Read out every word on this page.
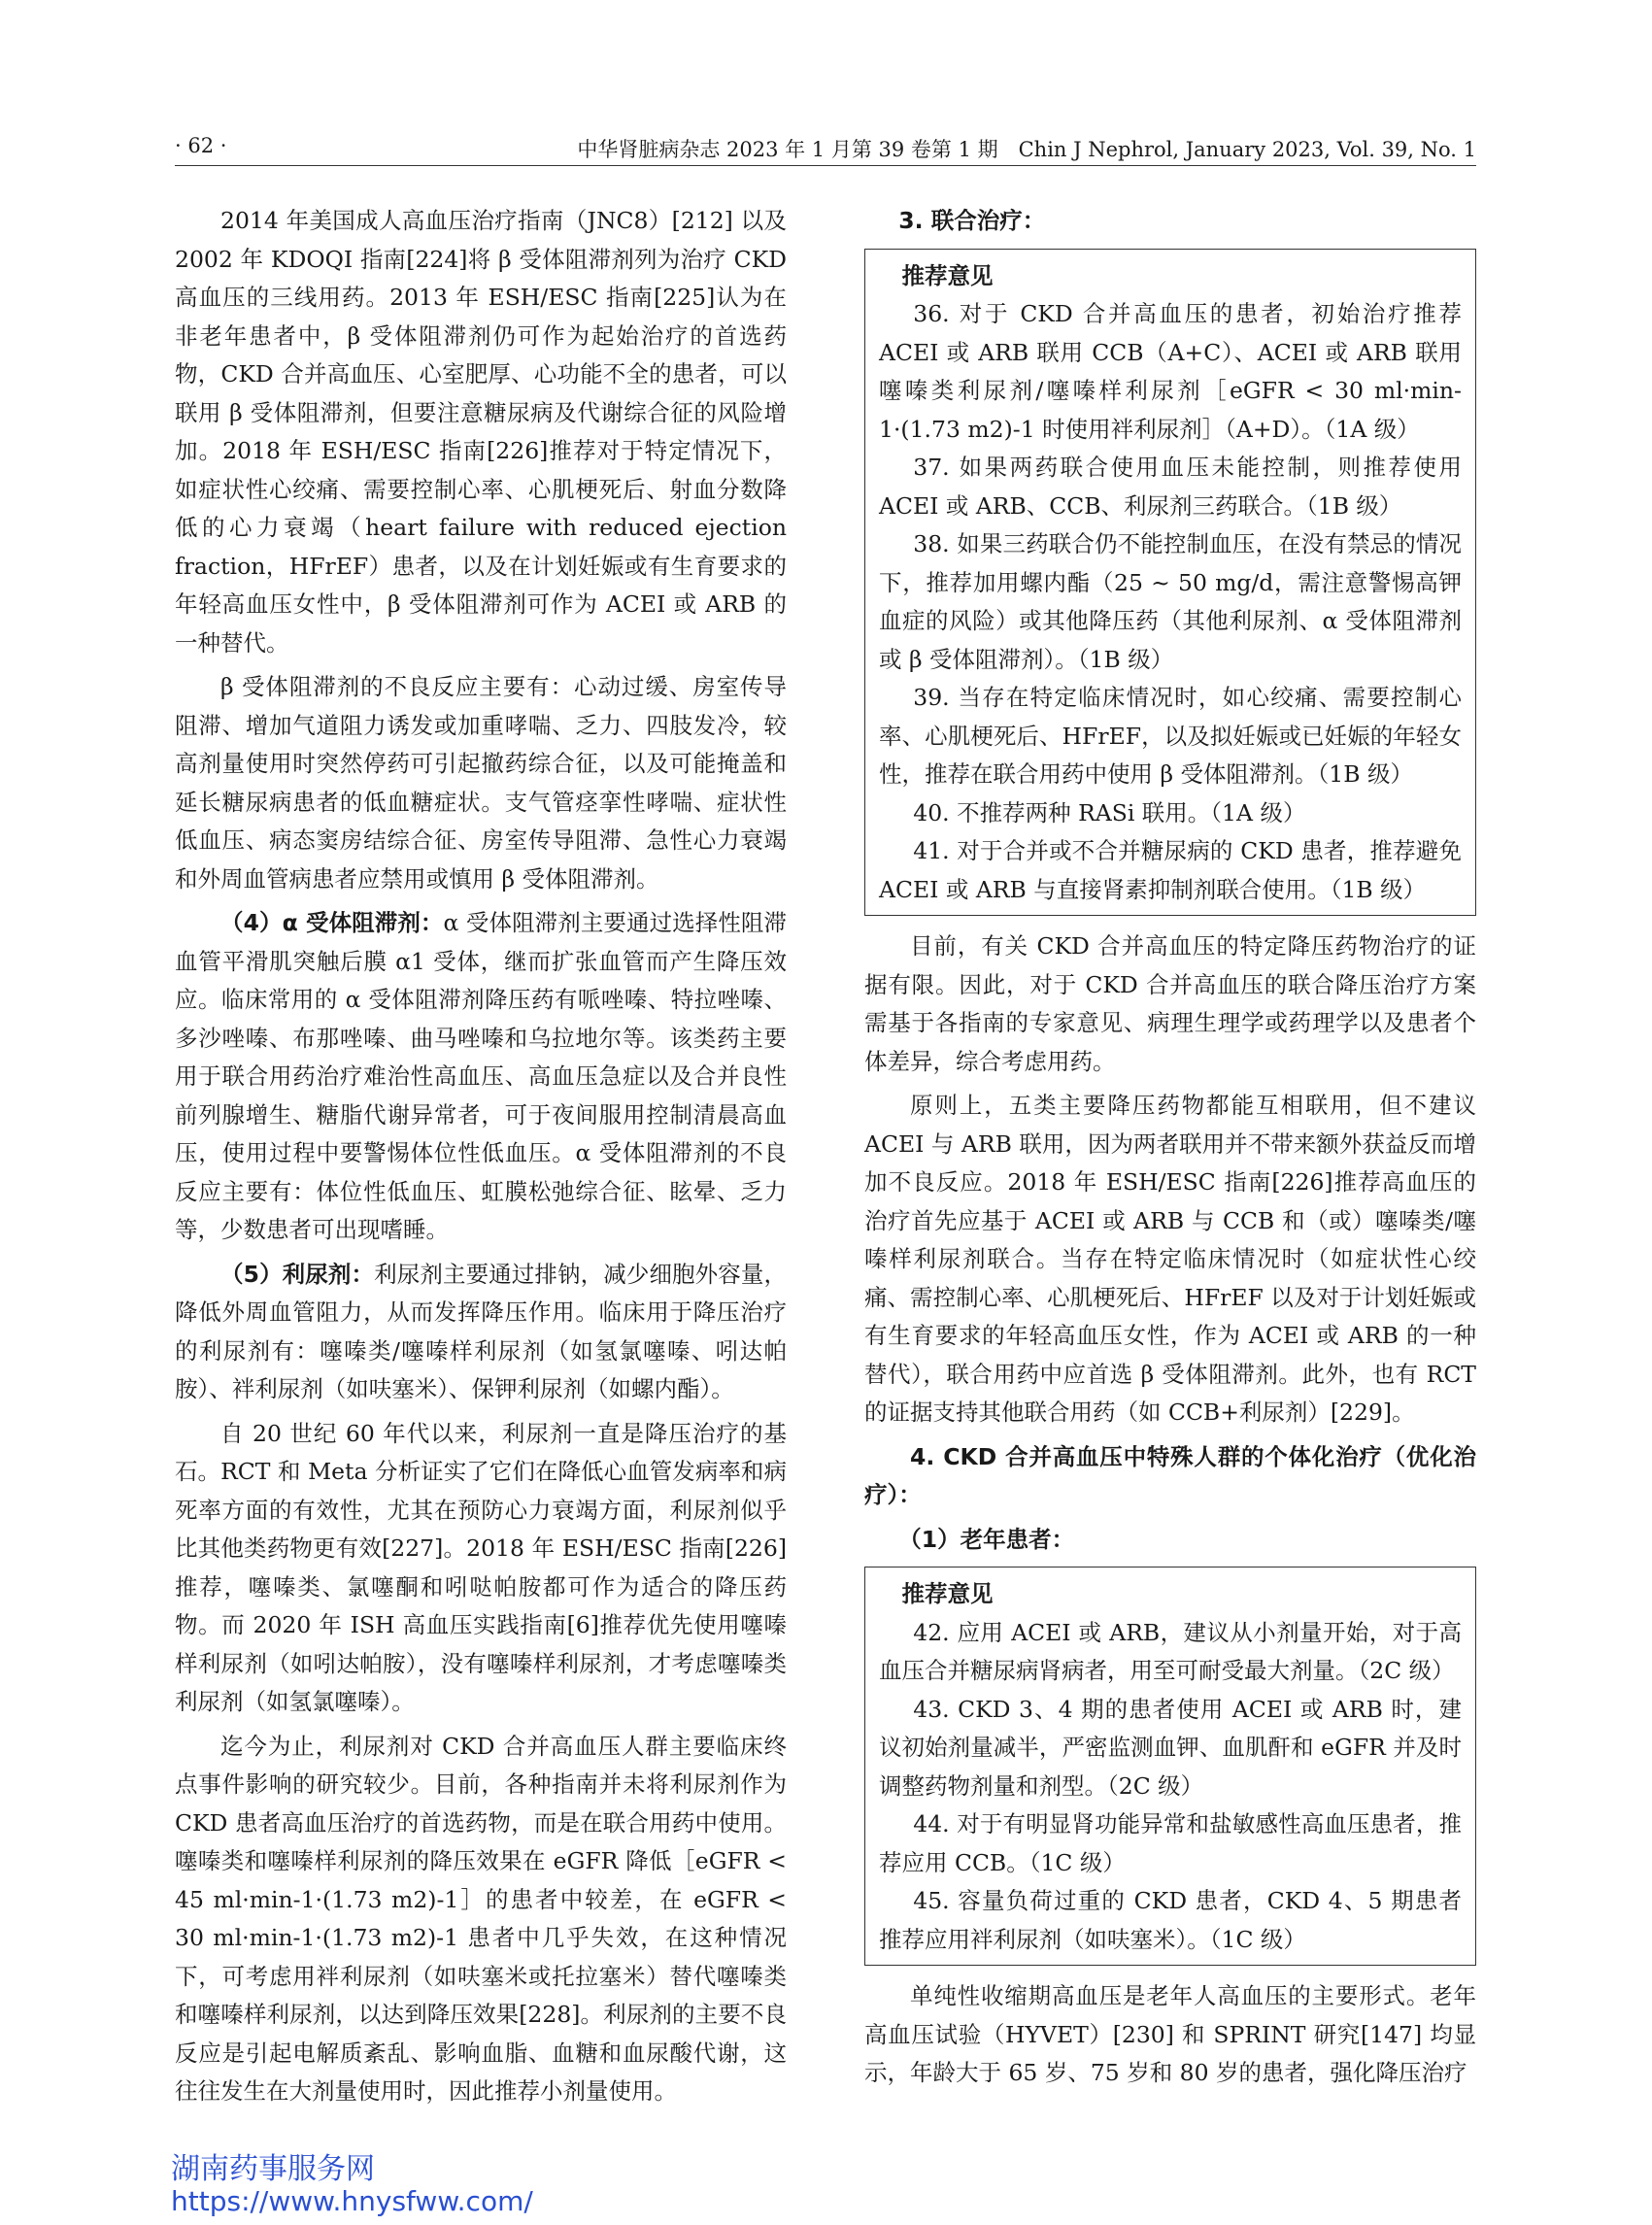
· 62 ·	中华肾脏病杂志 2023 年 1 月第 39 卷第 1 期　Chin J Nephrol, January 2023, Vol. 39, No. 1

2014 年美国成人高血压治疗指南（JNC8）[212] 以及 2002 年 KDOQI 指南[224]将 β 受体阻滞剂列为治疗 CKD 高血压的三线用药。2013 年 ESH/ESC 指南[225]认为在非老年患者中，β 受体阻滞剂仍可作为起始治疗的首选药物，CKD 合并高血压、心室肥厚、心功能不全的患者，可以联用 β 受体阻滞剂，但要注意糖尿病及代谢综合征的风险增加。2018 年 ESH/ESC 指南[226]推荐对于特定情况下，如症状性心绞痛、需要控制心率、心肌梗死后、射血分数降低的心力衰竭（heart failure with reduced ejection fraction，HFrEF）患者，以及在计划妊娠或有生育要求的年轻高血压女性中，β 受体阻滞剂可作为 ACEI 或 ARB 的一种替代。

β 受体阻滞剂的不良反应主要有：心动过缓、房室传导阻滞、增加气道阻力诱发或加重哮喘、乏力、四肢发冷，较高剂量使用时突然停药可引起撤药综合征，以及可能掩盖和延长糖尿病患者的低血糖症状。支气管痉挛性哮喘、症状性低血压、病态窦房结综合征、房室传导阻滞、急性心力衰竭和外周血管病患者应禁用或慎用 β 受体阻滞剂。

（4）α 受体阻滞剂：α 受体阻滞剂主要通过选择性阻滞血管平滑肌突触后膜 α1 受体，继而扩张血管而产生降压效应。临床常用的 α 受体阻滞剂降压药有哌唑嗪、特拉唑嗪、多沙唑嗪、布那唑嗪、曲马唑嗪和乌拉地尔等。该类药主要用于联合用药治疗难治性高血压、高血压急症以及合并良性前列腺增生、糖脂代谢异常者，可于夜间服用控制清晨高血压，使用过程中要警惕体位性低血压。α 受体阻滞剂的不良反应主要有：体位性低血压、虹膜松弛综合征、眩晕、乏力等，少数患者可出现嗜睡。

（5）利尿剂：利尿剂主要通过排钠，减少细胞外容量，降低外周血管阻力，从而发挥降压作用。临床用于降压治疗的利尿剂有：噻嗪类/噻嗪样利尿剂（如氢氯噻嗪、吲达帕胺）、袢利尿剂（如呋塞米）、保钾利尿剂（如螺内酯）。

自 20 世纪 60 年代以来，利尿剂一直是降压治疗的基石。RCT 和 Meta 分析证实了它们在降低心血管发病率和病死率方面的有效性，尤其在预防心力衰竭方面，利尿剂似乎比其他类药物更有效[227]。2018 年 ESH/ESC 指南[226]推荐，噻嗪类、氯噻酮和吲哒帕胺都可作为适合的降压药物。而 2020 年 ISH 高血压实践指南[6]推荐优先使用噻嗪样利尿剂（如吲达帕胺），没有噻嗪样利尿剂，才考虑噻嗪类利尿剂（如氢氯噻嗪）。

迄今为止，利尿剂对 CKD 合并高血压人群主要临床终点事件影响的研究较少。目前，各种指南并未将利尿剂作为 CKD 患者高血压治疗的首选药物，而是在联合用药中使用。噻嗪类和噻嗪样利尿剂的降压效果在 eGFR 降低［eGFR < 45 ml·min-1·(1.73 m2)-1］的患者中较差，在 eGFR < 30 ml·min-1·(1.73 m2)-1 患者中几乎失效，在这种情况下，可考虑用袢利尿剂（如呋塞米或托拉塞米）替代噻嗪类和噻嗪样利尿剂，以达到降压效果[228]。利尿剂的主要不良反应是引起电解质紊乱、影响血脂、血糖和血尿酸代谢，这往往发生在大剂量使用时，因此推荐小剂量使用。

3. 联合治疗：

推荐意见

36. 对于 CKD 合并高血压的患者，初始治疗推荐 ACEI 或 ARB 联用 CCB（A+C）、ACEI 或 ARB 联用噻嗪类利尿剂/噻嗪样利尿剂［eGFR < 30 ml·min-1·(1.73 m2)-1 时使用袢利尿剂］（A+D）。（1A 级）

37. 如果两药联合使用血压未能控制，则推荐使用 ACEI 或 ARB、CCB、利尿剂三药联合。（1B 级）

38. 如果三药联合仍不能控制血压，在没有禁忌的情况下，推荐加用螺内酯（25 ~ 50 mg/d，需注意警惕高钾血症的风险）或其他降压药（其他利尿剂、α 受体阻滞剂或 β 受体阻滞剂）。（1B 级）

39. 当存在特定临床情况时，如心绞痛、需要控制心率、心肌梗死后、HFrEF，以及拟妊娠或已妊娠的年轻女性，推荐在联合用药中使用 β 受体阻滞剂。（1B 级）

40. 不推荐两种 RASi 联用。（1A 级）

41. 对于合并或不合并糖尿病的 CKD 患者，推荐避免 ACEI 或 ARB 与直接肾素抑制剂联合使用。（1B 级）

目前，有关 CKD 合并高血压的特定降压药物治疗的证据有限。因此，对于 CKD 合并高血压的联合降压治疗方案需基于各指南的专家意见、病理生理学或药理学以及患者个体差异，综合考虑用药。

原则上，五类主要降压药物都能互相联用，但不建议 ACEI 与 ARB 联用，因为两者联用并不带来额外获益反而增加不良反应。2018 年 ESH/ESC 指南[226]推荐高血压的治疗首先应基于 ACEI 或 ARB 与 CCB 和（或）噻嗪类/噻嗪样利尿剂联合。当存在特定临床情况时（如症状性心绞痛、需控制心率、心肌梗死后、HFrEF 以及对于计划妊娠或有生育要求的年轻高血压女性，作为 ACEI 或 ARB 的一种替代），联合用药中应首选 β 受体阻滞剂。此外，也有 RCT 的证据支持其他联合用药（如 CCB+利尿剂）[229]。

4. CKD 合并高血压中特殊人群的个体化治疗（优化治疗）：

（1）老年患者：

推荐意见

42. 应用 ACEI 或 ARB，建议从小剂量开始，对于高血压合并糖尿病肾病者，用至可耐受最大剂量。（2C 级）

43. CKD 3、4 期的患者使用 ACEI 或 ARB 时，建议初始剂量减半，严密监测血钾、血肌酐和 eGFR 并及时调整药物剂量和剂型。（2C 级）

44. 对于有明显肾功能异常和盐敏感性高血压患者，推荐应用 CCB。（1C 级）

45. 容量负荷过重的 CKD 患者，CKD 4、5 期患者推荐应用袢利尿剂（如呋塞米）。（1C 级）

单纯性收缩期高血压是老年人高血压的主要形式。老年高血压试验（HYVET）[230] 和 SPRINT 研究[147] 均显示，年龄大于 65 岁、75 岁和 80 岁的患者，强化降压治疗

湖南药事服务网
https://www.hnysfww.com/
